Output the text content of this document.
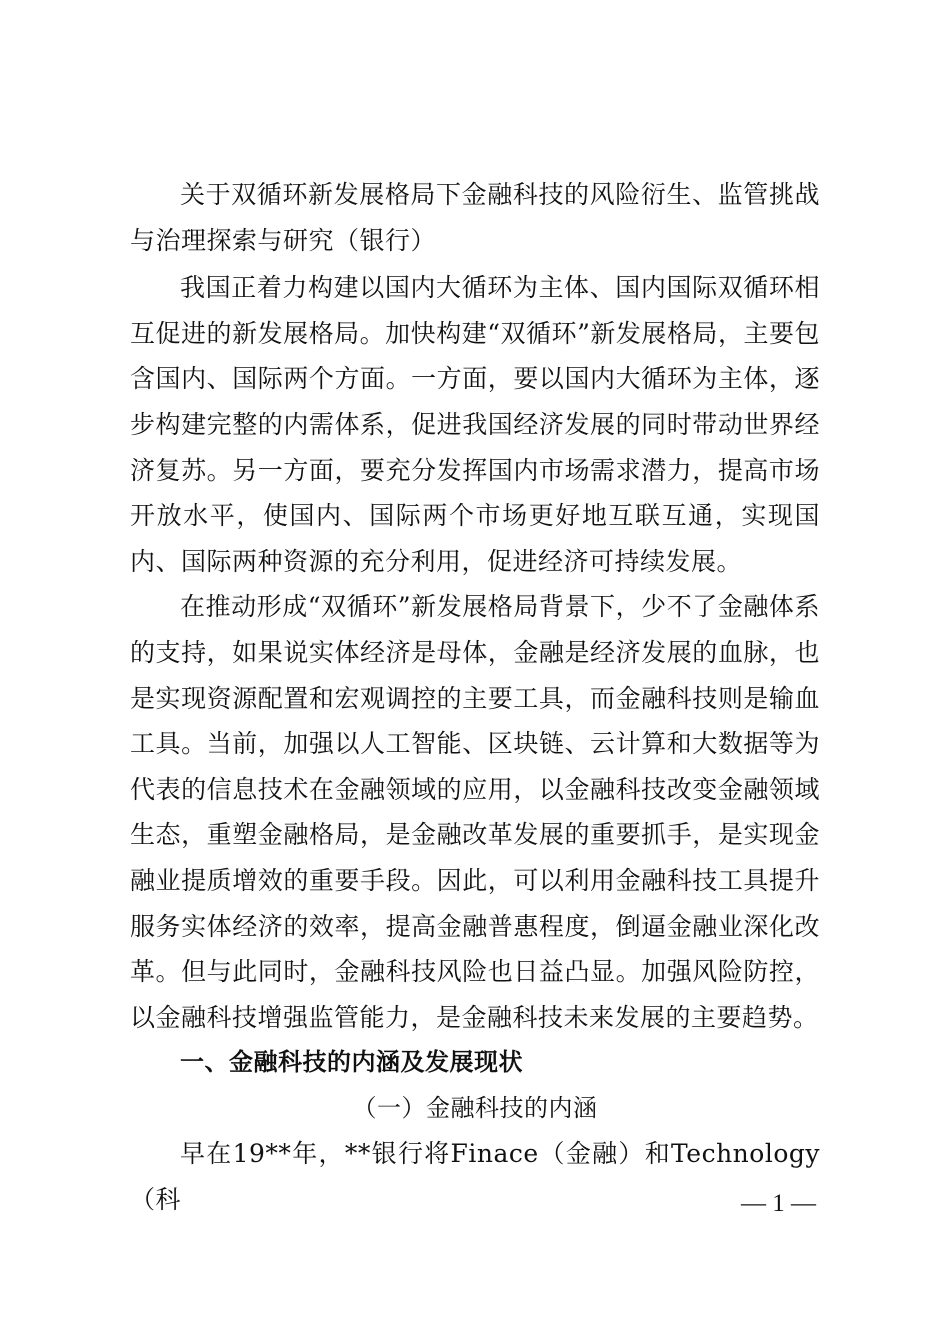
关于双循环新发展格局下金融科技的风险衍生、监管挑战与治理探索与研究（银行）

我国正着力构建以国内大循环为主体、国内国际双循环相互促进的新发展格局。加快构建“双循环”新发展格局，主要包含国内、国际两个方面。一方面，要以国内大循环为主体，逐步构建完整的内需体系，促进我国经济发展的同时带动世界经济复苏。另一方面，要充分发挥国内市场需求潜力，提高市场开放水平，使国内、国际两个市场更好地互联互通，实现国内、国际两种资源的充分利用，促进经济可持续发展。

在推动形成“双循环”新发展格局背景下，少不了金融体系的支持，如果说实体经济是母体，金融是经济发展的血脉，也是实现资源配置和宏观调控的主要工具，而金融科技则是输血工具。当前，加强以人工智能、区块链、云计算和大数据等为代表的信息技术在金融领域的应用，以金融科技改变金融领域生态，重塑金融格局，是金融改革发展的重要抓手，是实现金融业提质增效的重要手段。因此，可以利用金融科技工具提升服务实体经济的效率，提高金融普惠程度，倒逼金融业深化改革。但与此同时，金融科技风险也日益凸显。加强风险防控，以金融科技增强监管能力，是金融科技未来发展的主要趋势。

一、金融科技的内涵及发展现状

（一）金融科技的内涵

早在19**年，**银行将Finace（金融）和Technology（科	— 1 —
